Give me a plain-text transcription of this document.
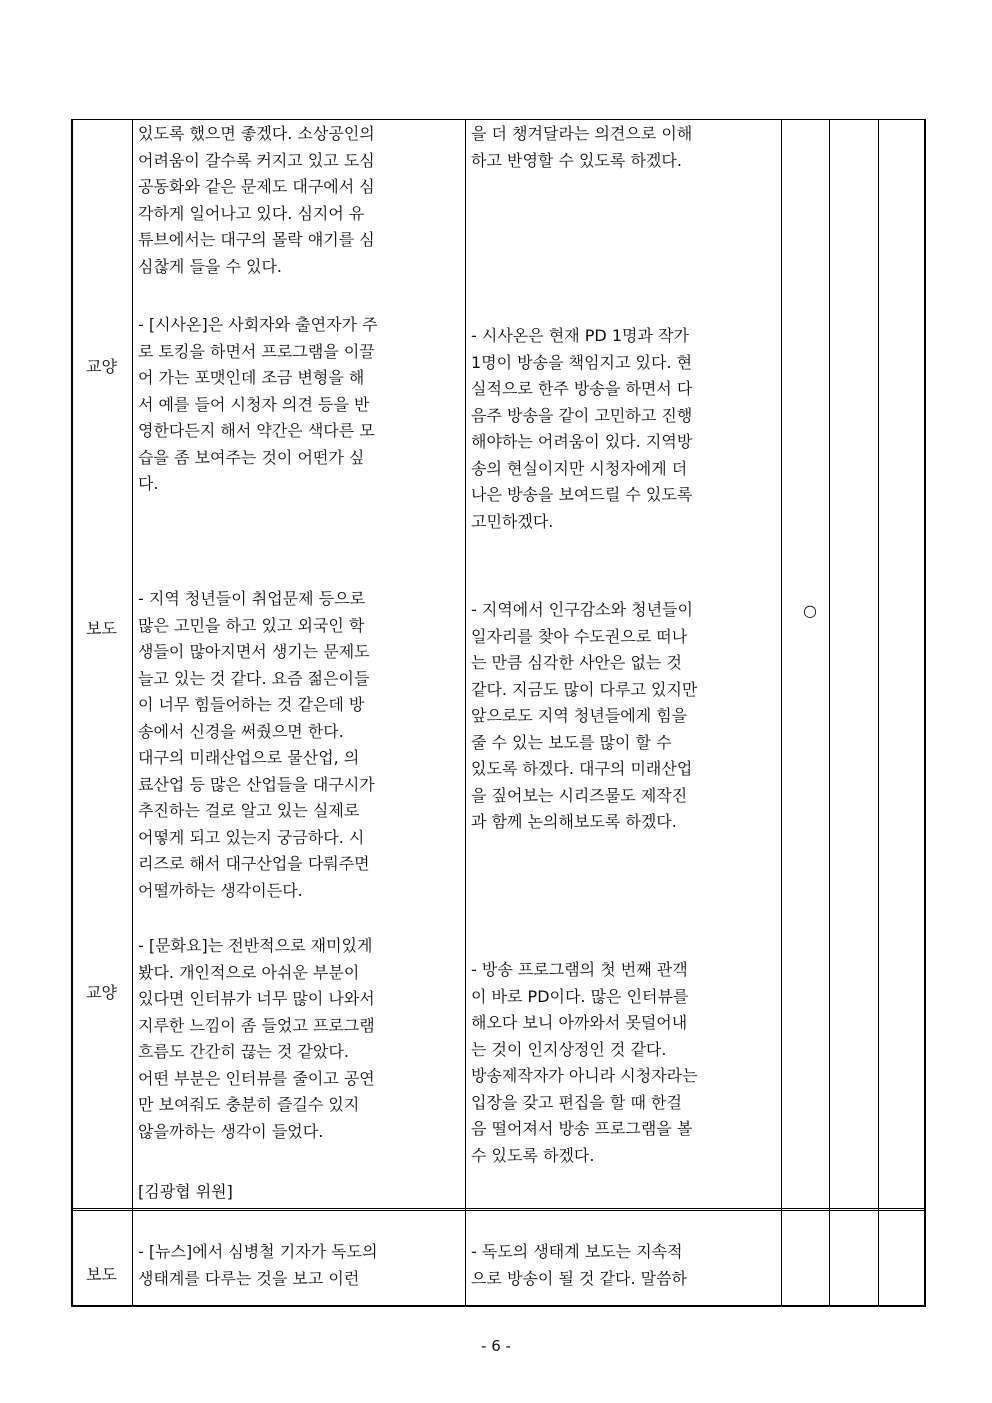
교양
보도
교양
있도록 했으면 좋겠다. 소상공인의
어려움이 갈수록 커지고 있고 도심
공동화와 같은 문제도 대구에서 심
각하게 일어나고 있다. 심지어 유
튜브에서는 대구의 몰락 얘기를 심
심찮게 들을 수 있다.
을 더 챙겨달라는 의견으로 이해
하고 반영할 수 있도록 하겠다.
- [시사온]은 사회자와 출연자가 주
로 토킹을 하면서 프로그램을 이끌
어 가는 포맷인데 조금 변형을 해
서 예를 들어 시청자 의견 등을 반
영한다든지 해서 약간은 색다른 모
습을 좀 보여주는 것이 어떤가 싶
다.
- 시사온은 현재 PD 1명과 작가
1명이 방송을 책임지고 있다. 현
실적으로 한주 방송을 하면서 다
음주 방송을 같이 고민하고 진행
해야하는 어려움이 있다. 지역방
송의 현실이지만 시청자에게 더
나은 방송을 보여드릴 수 있도록
고민하겠다.
- 지역 청년들이 취업문제 등으로
많은 고민을 하고 있고 외국인 학
생들이 많아지면서 생기는 문제도
늘고 있는 것 같다. 요즘 젊은이들
이 너무 힘들어하는 것 같은데 방
송에서 신경을 써줬으면 한다.
대구의 미래산업으로 물산업, 의
료산업 등 많은 산업들을 대구시가
추진하는 걸로 알고 있는 실제로
어떻게 되고 있는지 궁금하다. 시
리즈로 해서 대구산업을 다뤄주면
어떨까하는 생각이든다.
- 지역에서 인구감소와 청년들이
일자리를 찾아 수도권으로 떠나
는 만큼 심각한 사안은 없는 것
같다. 지금도 많이 다루고 있지만
앞으로도 지역 청년들에게 힘을
줄 수 있는 보도를 많이 할 수
있도록 하겠다. 대구의 미래산업
을 짚어보는 시리즈물도 제작진
과 함께 논의해보도록 하겠다.
○
- [문화요]는 전반적으로 재미있게
봤다. 개인적으로 아쉬운 부분이
있다면 인터뷰가 너무 많이 나와서
지루한 느낌이 좀 들었고 프로그램
흐름도 간간히 끊는 것 같았다.
어떤 부분은 인터뷰를 줄이고 공연
만 보여줘도 충분히 즐길수 있지
않을까하는 생각이 들었다.
[김광협 위원]
- 방송 프로그램의 첫 번째 관객
이 바로 PD이다. 많은 인터뷰를
해오다 보니 아까와서 못덜어내
는 것이 인지상정인 것 같다.
방송제작자가 아니라 시청자라는
입장을 갖고 편집을 할 때 한걸
음 떨어져서 방송 프로그램을 볼
수 있도록 하겠다.
보도
- [뉴스]에서 심병철 기자가 독도의
생태계를 다루는 것을 보고 이런
- 독도의 생태계 보도는 지속적
으로 방송이 될 것 같다. 말씀하
- 6 -
